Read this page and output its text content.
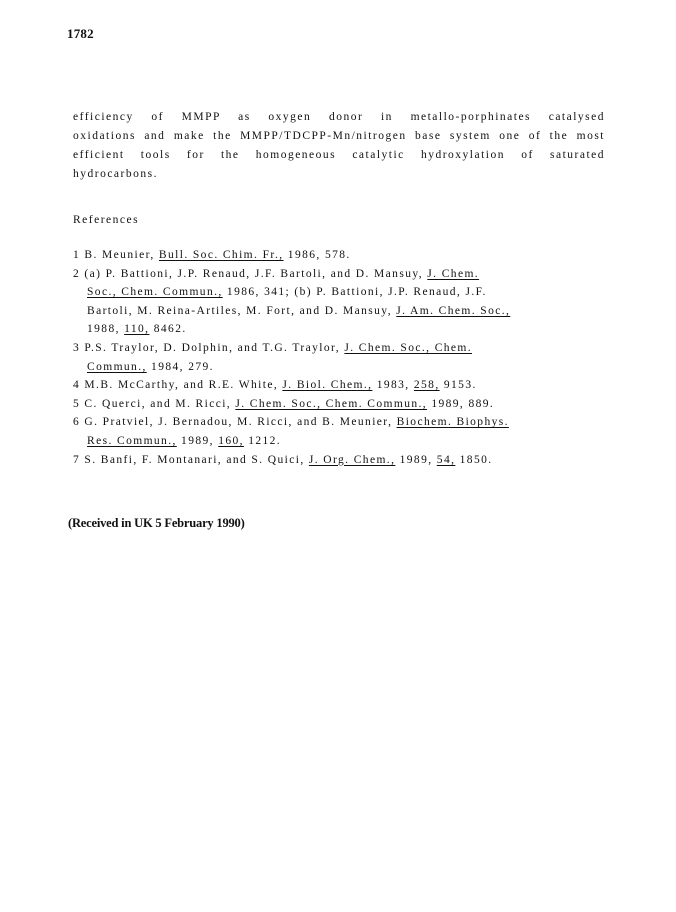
1782
efficiency of MMPP as oxygen donor in metallo-porphinates catalysed
oxidations and make the MMPP/TDCPP-Mn/nitrogen base system one of the most
efficient tools for the homogeneous catalytic hydroxylation of saturated
hydrocarbons.
References
1 B. Meunier, Bull. Soc. Chim. Fr., 1986, 578.
2 (a) P. Battioni, J.P. Renaud, J.F. Bartoli, and D. Mansuy, J. Chem.
Soc., Chem. Commun., 1986, 341; (b) P. Battioni, J.P. Renaud, J.F.
Bartoli, M. Reina-Artiles, M. Fort, and D. Mansuy, J. Am. Chem. Soc.,
1988, 110, 8462.
3 P.S. Traylor, D. Dolphin, and T.G. Traylor, J. Chem. Soc., Chem.
Commun., 1984, 279.
4 M.B. McCarthy, and R.E. White, J. Biol. Chem., 1983, 258, 9153.
5 C. Querci, and M. Ricci, J. Chem. Soc., Chem. Commun., 1989, 889.
6 G. Pratviel, J. Bernadou, M. Ricci, and B. Meunier, Biochem. Biophys.
Res. Commun., 1989, 160, 1212.
7 S. Banfi, F. Montanari, and S. Quici, J. Org. Chem., 1989, 54, 1850.
(Received in UK 5 February 1990)
